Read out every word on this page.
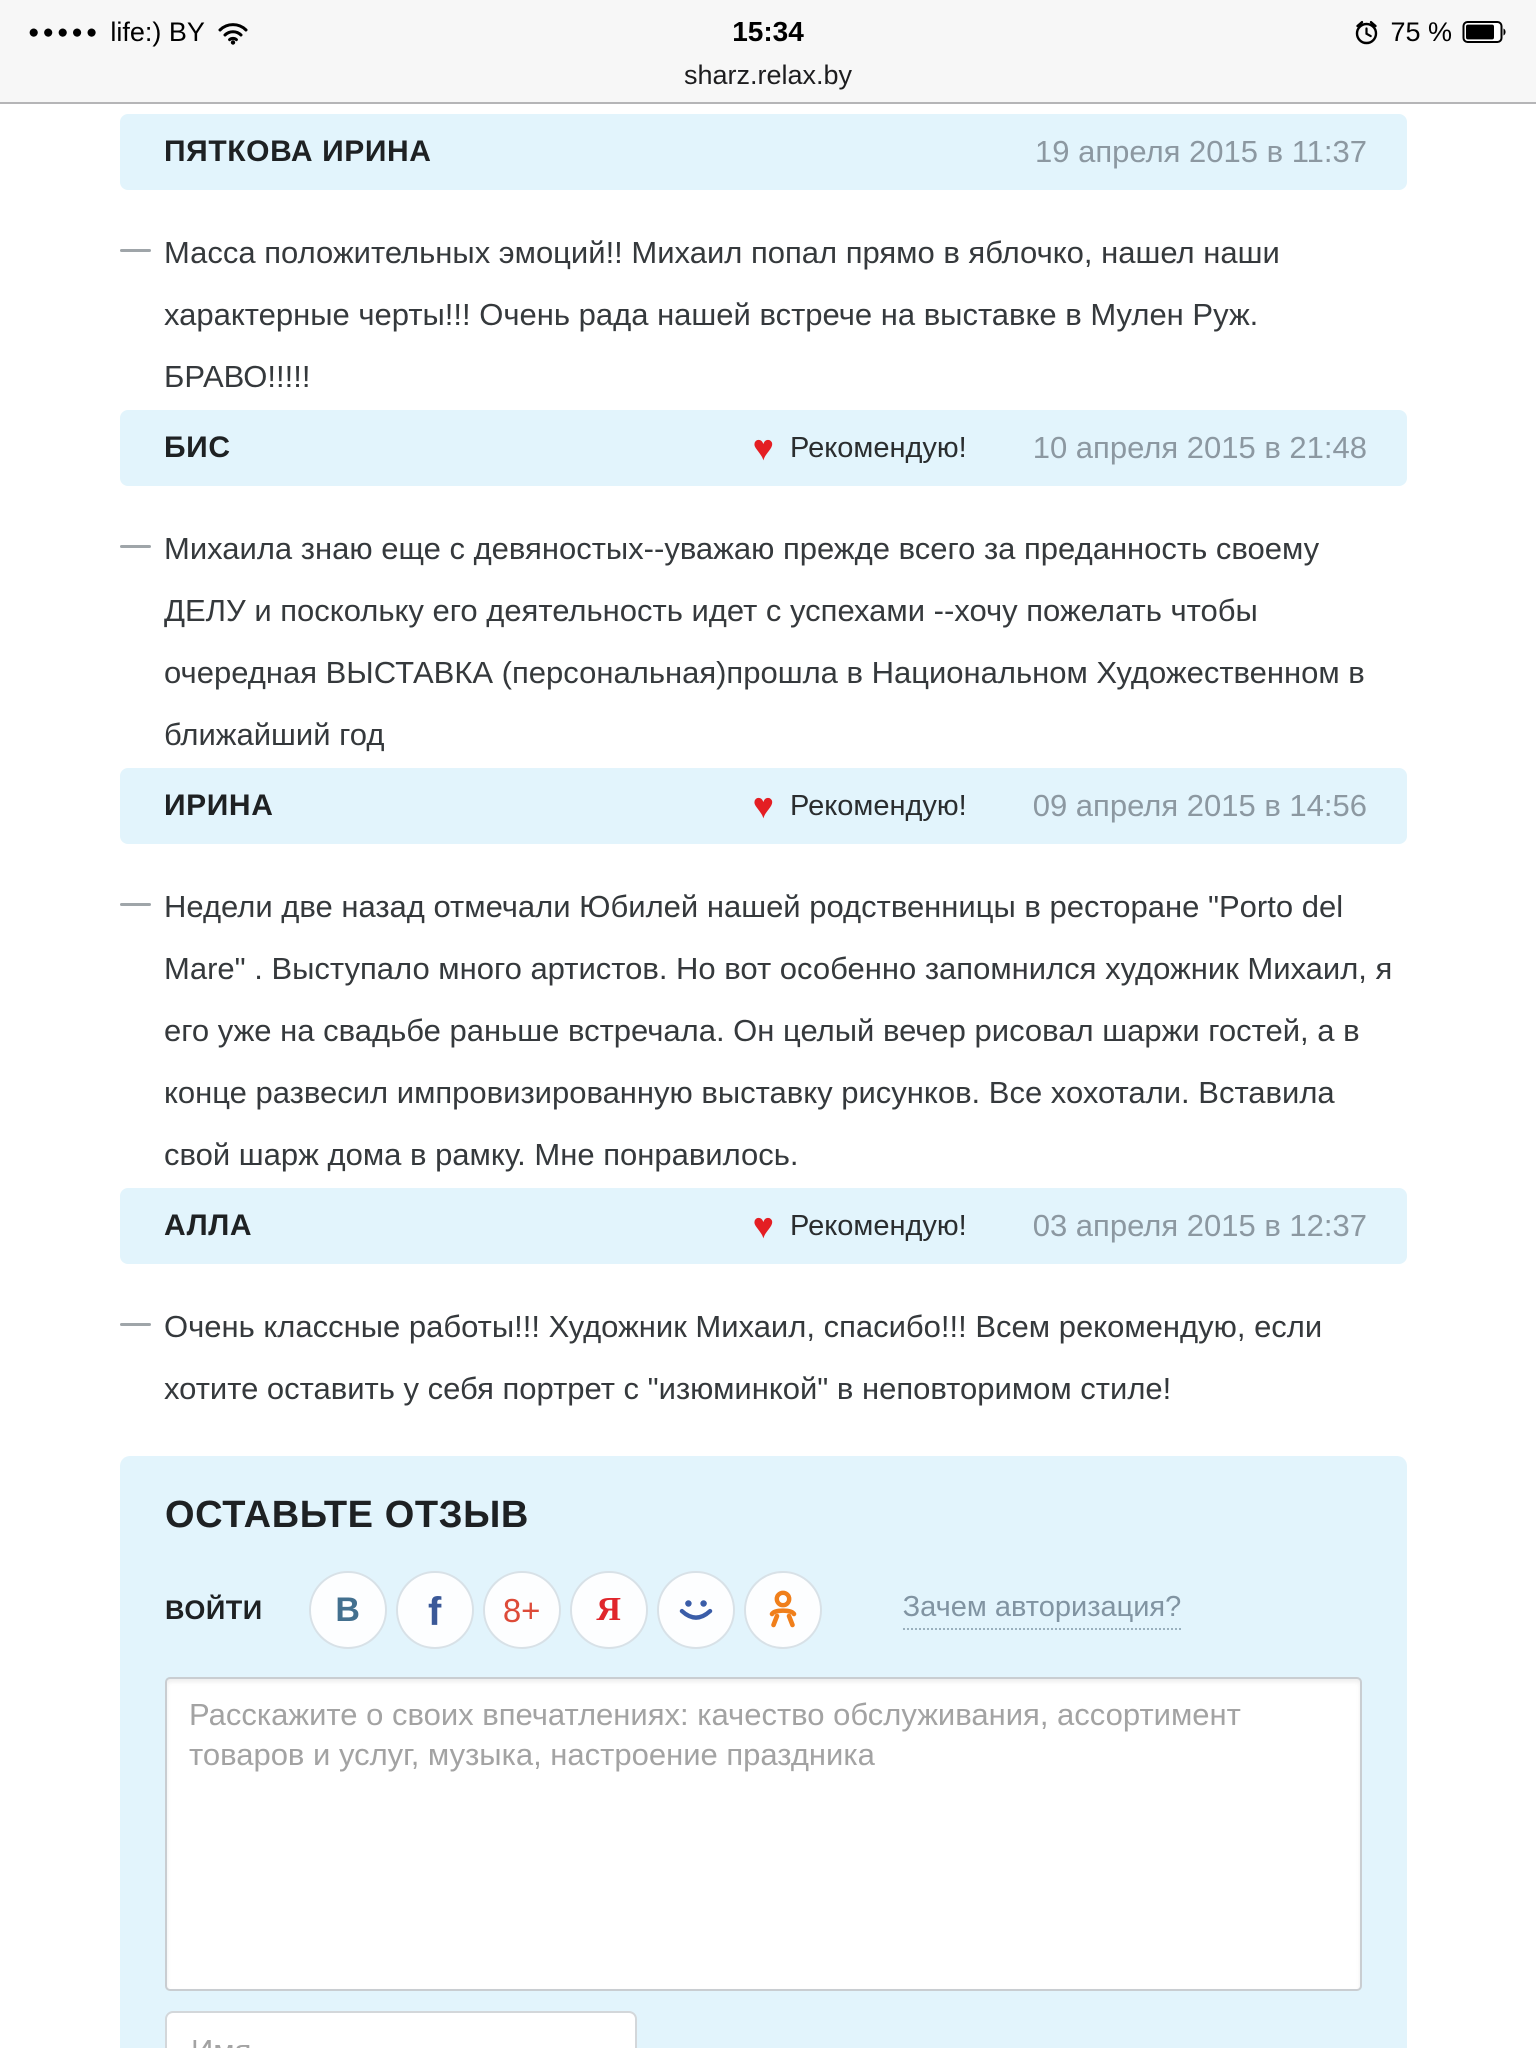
●●●●● life:) BY	15:34	75 %
sharz.relax.by
ПЯТКОВА ИРИНА	19 апреля 2015 в 11:37

Масса положительных эмоций!! Михаил попал прямо в яблочко, нашел наши характерные черты!!! Очень рада нашей встрече на выставке в Мулен Руж. БРАВО!!!!!

БИС	♥ Рекомендую! 10 апреля 2015 в 21:48

Михаила знаю еще с девяностых--уважаю прежде всего за преданность своему ДЕЛУ и поскольку его деятельность идет с успехами --хочу пожелать чтобы очередная ВЫСТАВКА (персональная)прошла в Национальном Художественном в ближайший год

ИРИНА	♥ Рекомендую! 09 апреля 2015 в 14:56

Недели две назад отмечали Юбилей нашей родственницы в ресторане "Porto del Mare" . Выступало много артистов. Но вот особенно запомнился художник Михаил, я его уже на свадьбе раньше встречала. Он целый вечер рисовал шаржи гостей, а в конце развесил импровизированную выставку рисунков. Все хохотали. Вставила свой шарж дома в рамку. Мне понравилось.

АЛЛА	♥ Рекомендую! 03 апреля 2015 в 12:37

Очень классные работы!!! Художник Михаил, спасибо!!! Всем рекомендую, если хотите оставить у себя портрет с "изюминкой" в неповторимом стиле!

ОСТАВЬТЕ ОТЗЫВ
ВОЙТИ В f 8+ Я	Зачем авторизация?
Расскажите о своих впечатлениях: качество обслуживания, ассортимент товаров и услуг, музыка, настроение праздника
Имя
